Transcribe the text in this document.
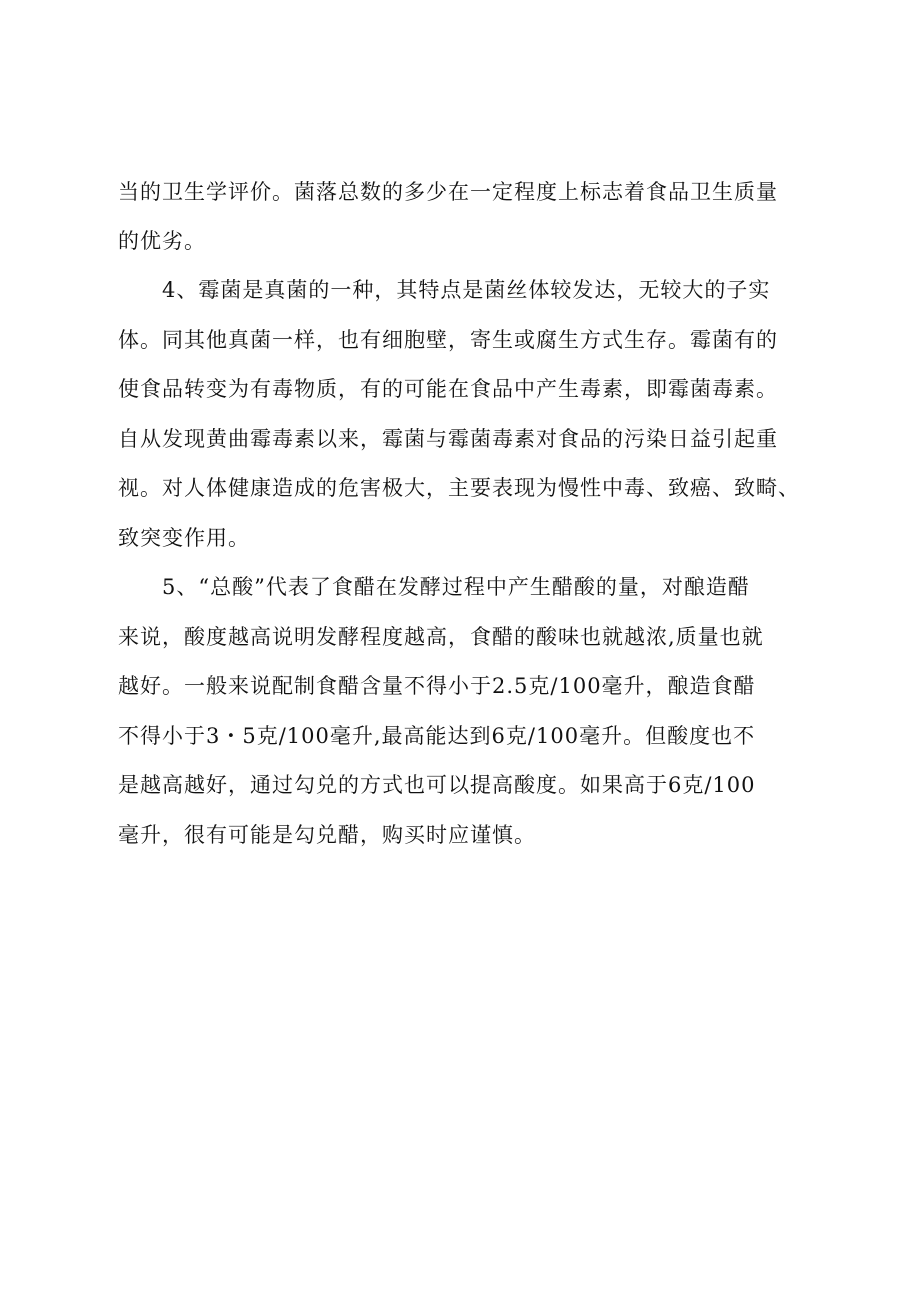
当的卫生学评价。菌落总数的多少在一定程度上标志着食品卫生质量
的优劣。
4、霉菌是真菌的一种，其特点是菌丝体较发达，无较大的子实
体。同其他真菌一样，也有细胞壁，寄生或腐生方式生存。霉菌有的
使食品转变为有毒物质，有的可能在食品中产生毒素，即霉菌毒素。
自从发现黄曲霉毒素以来，霉菌与霉菌毒素对食品的污染日益引起重
视。对人体健康造成的危害极大，主要表现为慢性中毒、致癌、致畸、
致突变作用。
5、“总酸”代表了食醋在发酵过程中产生醋酸的量，对酿造醋
来说，酸度越高说明发酵程度越高，食醋的酸味也就越浓,质量也就
越好。一般来说配制食醋含量不得小于2.5克/100毫升，酿造食醋
不得小于3・5克/100毫升,最高能达到6克/100毫升。但酸度也不
是越高越好，通过勾兑的方式也可以提高酸度。如果高于6克/100
毫升，很有可能是勾兑醋，购买时应谨慎。
